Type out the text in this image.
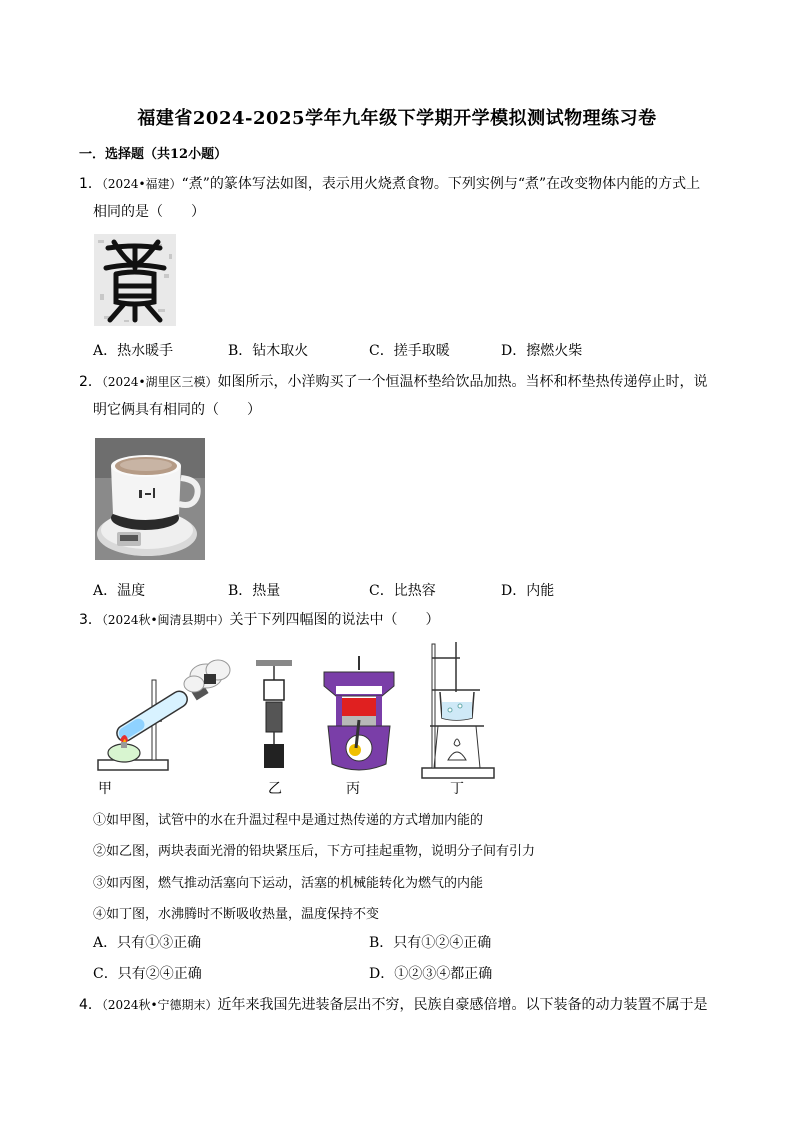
福建省2024-2025学年九年级下学期开学模拟测试物理练习卷
一．选择题（共12小题）
1．（2024•福建）“煮”的篆体写法如图，表示用火烧煮食物。下列实例与“煮”在改变物体内能的方式上
相同的是（　　）
A．热水暖手	B．钻木取火	C．搓手取暖	D．擦燃火柴
2．（2024•湖里区三模）如图所示，小洋购买了一个恒温杯垫给饮品加热。当杯和杯垫热传递停止时，说
明它俩具有相同的（　　）
A．温度	B．热量	C．比热容	D．内能
3．（2024秋•闽清县期中）关于下列四幅图的说法中（　　）
甲	乙	丙	丁
①如甲图，试管中的水在升温过程中是通过热传递的方式增加内能的
②如乙图，两块表面光滑的铅块紧压后，下方可挂起重物，说明分子间有引力
③如丙图，燃气推动活塞向下运动，活塞的机械能转化为燃气的内能
④如丁图，水沸腾时不断吸收热量，温度保持不变
A．只有①③正确	B．只有①②④正确
C．只有②④正确	D．①②③④都正确
4．（2024秋•宁德期末）近年来我国先进装备层出不穷，民族自豪感倍增。以下装备的动力装置不属于是
